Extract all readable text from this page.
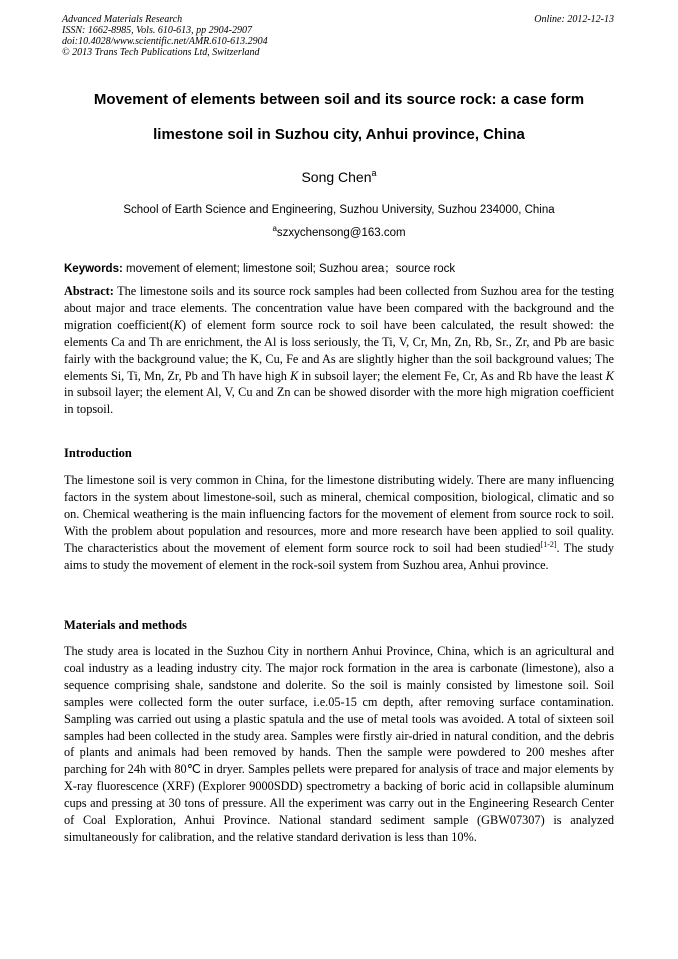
Advanced Materials Research
ISSN: 1662-8985, Vols. 610-613, pp 2904-2907
doi:10.4028/www.scientific.net/AMR.610-613.2904
© 2013 Trans Tech Publications Ltd, Switzerland
Online: 2012-12-13
Movement of elements between soil and its source rock: a case form
limestone soil in Suzhou city, Anhui province, China
Song Chen$^a$
School of Earth Science and Engineering, Suzhou University, Suzhou 234000, China
$^a$szxychensong@163.com
Keywords: movement of element; limestone soil; Suzhou area；source rock
Abstract: The limestone soils and its source rock samples had been collected from Suzhou area for the testing about major and trace elements. The concentration value have been compared with the background and the migration coefficient(K) of element form source rock to soil have been calculated, the result showed: the elements Ca and Th are enrichment, the Al is loss seriously, the Ti, V, Cr, Mn, Zn, Rb, Sr., Zr, and Pb are basic fairly with the background value; the K, Cu, Fe and As are slightly higher than the soil background values; The elements Si, Ti, Mn, Zr, Pb and Th have high K in subsoil layer; the element Fe, Cr, As and Rb have the least K in subsoil layer; the element Al, V, Cu and Zn can be showed disorder with the more high migration coefficient in topsoil.
Introduction
The limestone soil is very common in China, for the limestone distributing widely. There are many influencing factors in the system about limestone-soil, such as mineral, chemical composition, biological, climatic and so on. Chemical weathering is the main influencing factors for the movement of element from source rock to soil. With the problem about population and resources, more and more research have been applied to soil quality. The characteristics about the movement of element form source rock to soil had been studied[1-2]. The study aims to study the movement of element in the rock-soil system from Suzhou area, Anhui province.
Materials and methods
The study area is located in the Suzhou City in northern Anhui Province, China, which is an agricultural and coal industry as a leading industry city. The major rock formation in the area is carbonate (limestone), also a sequence comprising shale, sandstone and dolerite. So the soil is mainly consisted by limestone soil. Soil samples were collected form the outer surface, i.e.05-15 cm depth, after removing surface contamination. Sampling was carried out using a plastic spatula and the use of metal tools was avoided. A total of sixteen soil samples had been collected in the study area. Samples were firstly air-dried in natural condition, and the debris of plants and animals had been removed by hands. Then the sample were powdered to 200 meshes after parching for 24h with 80℃ in dryer. Samples pellets were prepared for analysis of trace and major elements by X-ray fluorescence (XRF) (Explorer 9000SDD) spectrometry a backing of boric acid in collapsible aluminum cups and pressing at 30 tons of pressure. All the experiment was carry out in the Engineering Research Center of Coal Exploration, Anhui Province. National standard sediment sample (GBW07307) is analyzed simultaneously for calibration, and the relative standard derivation is less than 10%.
